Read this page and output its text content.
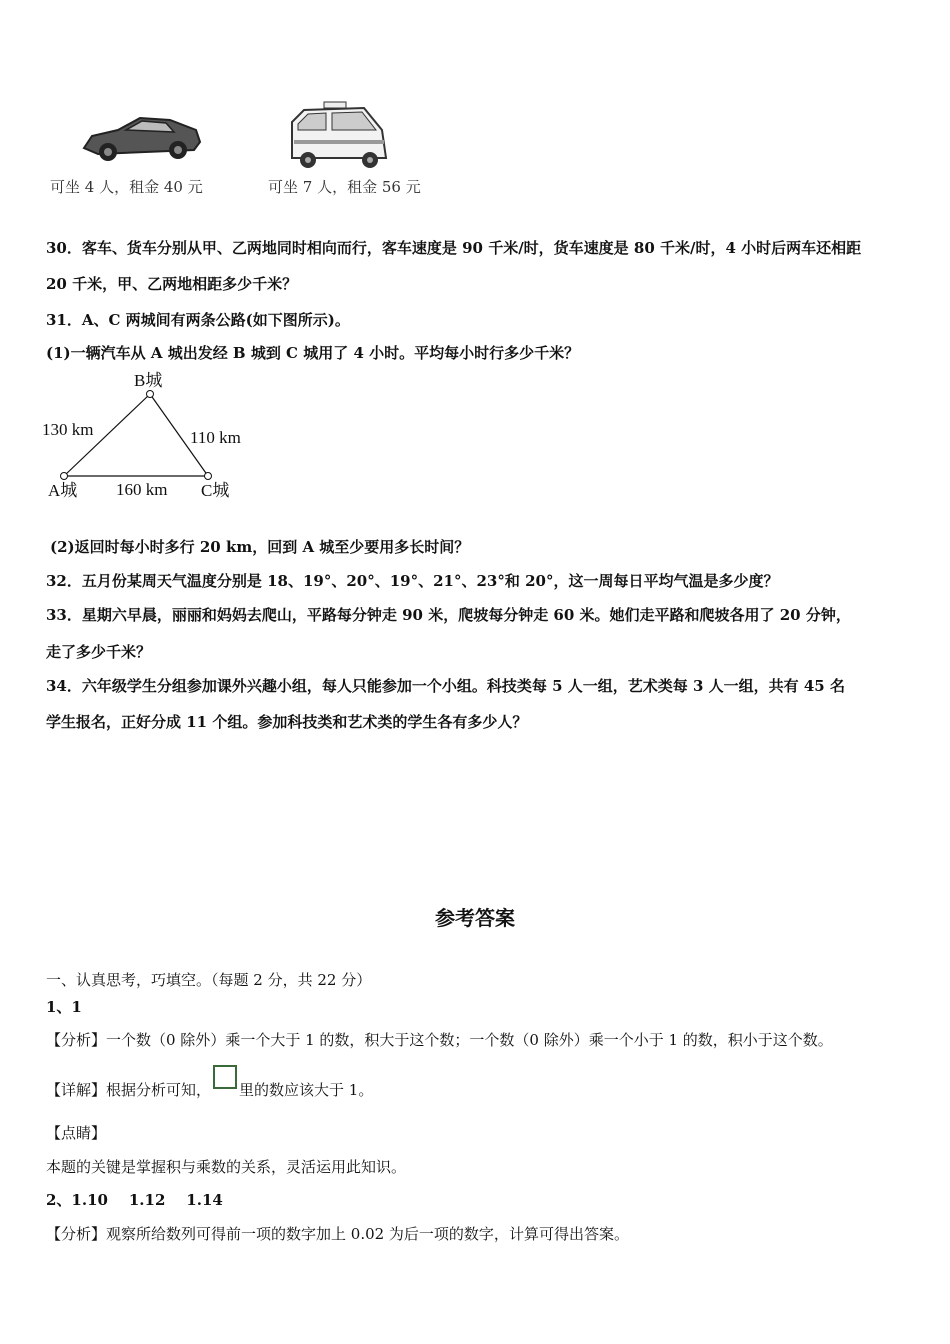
可坐 4 人，租金 40 元	可坐 7 人，租金 56 元
30．客车、货车分别从甲、乙两地同时相向而行，客车速度是 90 千米/时，货车速度是 80 千米/时，4 小时后两车还相距
20 千米，甲、乙两地相距多少千米？
31．A、C 两城间有两条公路(如下图所示)。
(1)一辆汽车从 A 城出发经 B 城到 C 城用了 4 小时。平均每小时行多少千米？
B城
A城	C城
130 km	110 km
160 km
(2)返回时每小时多行 20 km，回到 A 城至少要用多长时间？
32．五月份某周天气温度分别是 18、19°、20°、19°、21°、23°和 20°，这一周每日平均气温是多少度？
33．星期六早晨，丽丽和妈妈去爬山，平路每分钟走 90 米，爬坡每分钟走 60 米。她们走平路和爬坡各用了 20 分钟，
走了多少千米？
34．六年级学生分组参加课外兴趣小组，每人只能参加一个小组。科技类每 5 人一组，艺术类每 3 人一组，共有 45 名
学生报名，正好分成 11 个组。参加科技类和艺术类的学生各有多少人？
参考答案
一、认真思考，巧填空。（每题 2 分，共 22 分）
1、1
【分析】一个数（0 除外）乘一个大于 1 的数，积大于这个数；一个数（0 除外）乘一个小于 1 的数，积小于这个数。
【详解】根据分析可知， 里的数应该大于 1。
【点睛】
本题的关键是掌握积与乘数的关系，灵活运用此知识。
2、1.10    1.12    1.14
【分析】观察所给数列可得前一项的数字加上 0.02 为后一项的数字，计算可得出答案。
